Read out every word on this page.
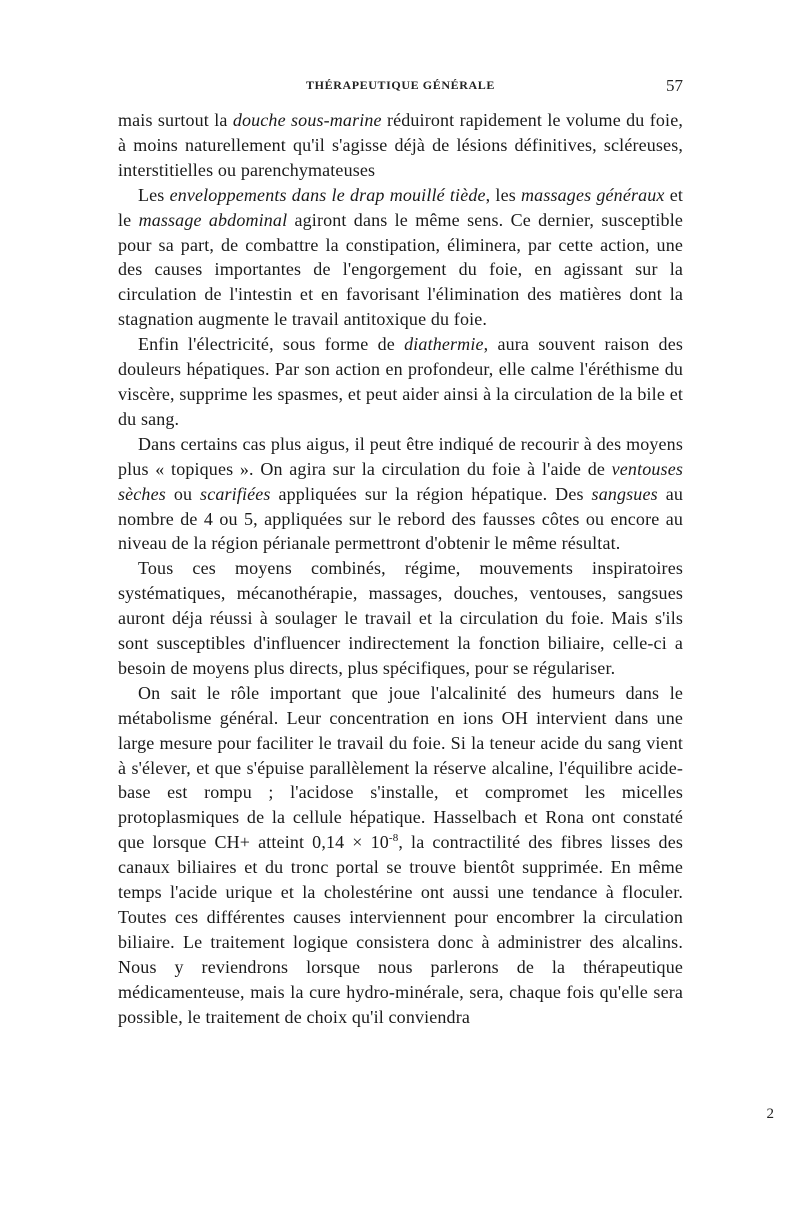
THÉRAPEUTIQUE GÉNÉRALE	57

mais surtout la douche sous-marine réduiront rapidement le volume du foie, à moins naturellement qu'il s'agisse déjà de lésions définitives, scléreuses, interstitielles ou parenchymateuses

Les enveloppements dans le drap mouillé tiède, les massages généraux et le massage abdominal agiront dans le même sens. Ce dernier, susceptible pour sa part, de combattre la constipation, éliminera, par cette action, une des causes importantes de l'engorgement du foie, en agissant sur la circulation de l'intestin et en favorisant l'élimination des matières dont la stagnation augmente le travail antitoxique du foie.

Enfin l'électricité, sous forme de diathermie, aura souvent raison des douleurs hépatiques. Par son action en profondeur, elle calme l'éréthisme du viscère, supprime les spasmes, et peut aider ainsi à la circulation de la bile et du sang.

Dans certains cas plus aigus, il peut être indiqué de recourir à des moyens plus « topiques ». On agira sur la circulation du foie à l'aide de ventouses sèches ou scarifiées appliquées sur la région hépatique. Des sangsues au nombre de 4 ou 5, appliquées sur le rebord des fausses côtes ou encore au niveau de la région périanale permettront d'obtenir le même résultat.

Tous ces moyens combinés, régime, mouvements inspiratoires systématiques, mécanothérapie, massages, douches, ventouses, sangsues auront déja réussi à soulager le travail et la circulation du foie. Mais s'ils sont susceptibles d'influencer indirectement la fonction biliaire, celle-ci a besoin de moyens plus directs, plus spécifiques, pour se régulariser.

On sait le rôle important que joue l'alcalinité des humeurs dans le métabolisme général. Leur concentration en ions OH intervient dans une large mesure pour faciliter le travail du foie. Si la teneur acide du sang vient à s'élever, et que s'épuise parallèlement la réserve alcaline, l'équilibre acide-base est rompu ; l'acidose s'installe, et compromet les micelles protoplasmiques de la cellule hépatique. Hasselbach et Rona ont constaté que lorsque CH+ atteint $0,14 \times 10^{-8}$, la contractilité des fibres lisses des canaux biliaires et du tronc portal se trouve bientôt supprimée. En même temps l'acide urique et la cholestérine ont aussi une tendance à floculer. Toutes ces différentes causes interviennent pour encombrer la circulation biliaire. Le traitement logique consistera donc à administrer des alcalins. Nous y reviendrons lorsque nous parlerons de la thérapeutique médicamenteuse, mais la cure hydro-minérale, sera, chaque fois qu'elle sera possible, le traitement de choix qu'il conviendra

2
